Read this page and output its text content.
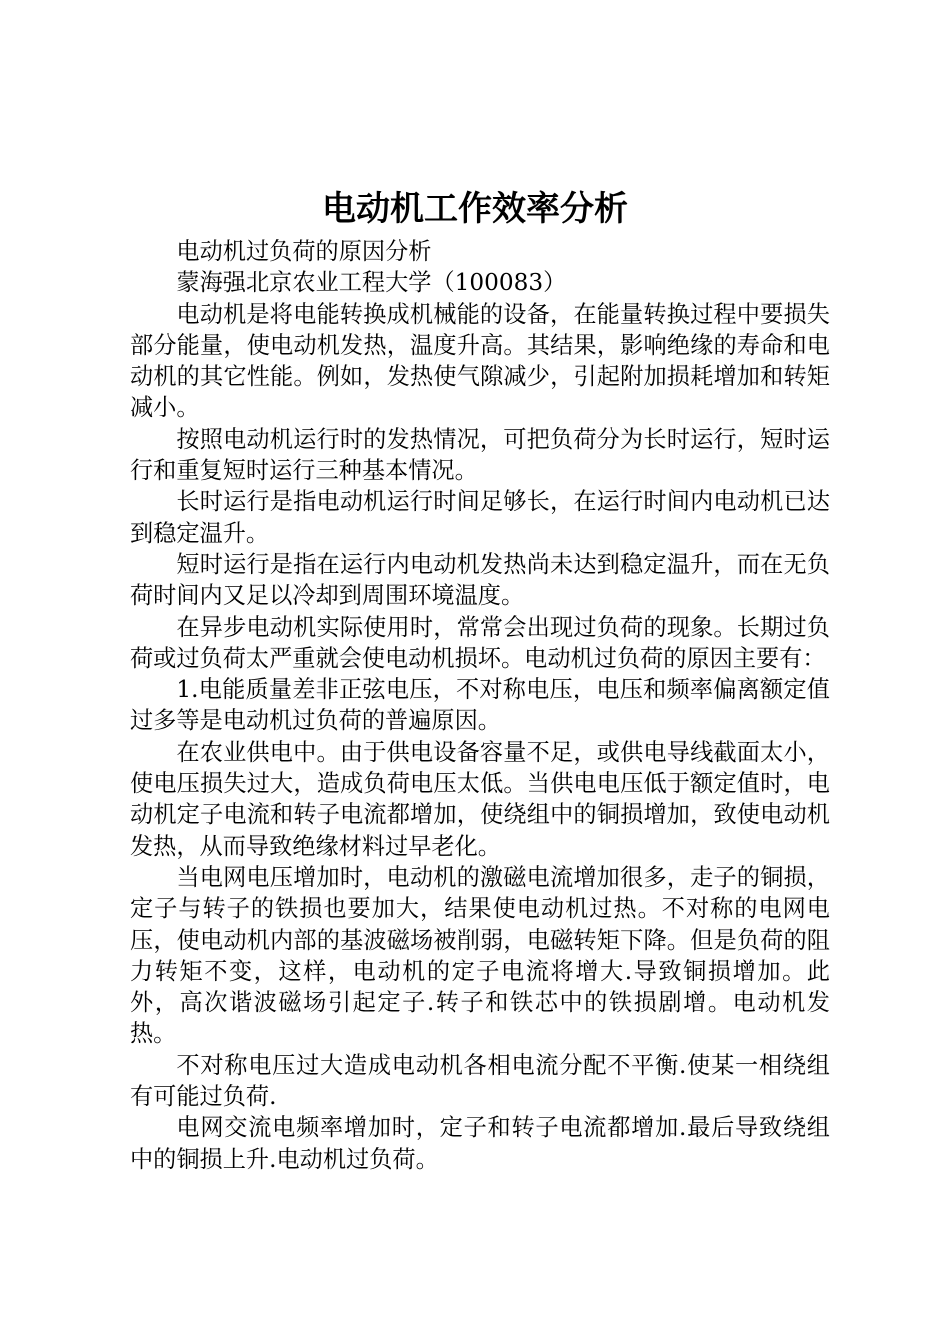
电动机工作效率分析

电动机过负荷的原因分析

蒙海强北京农业工程大学（100083）

电动机是将电能转换成机械能的设备，在能量转换过程中要损失部分能量，使电动机发热，温度升高。其结果，影响绝缘的寿命和电动机的其它性能。例如，发热使气隙减少，引起附加损耗增加和转矩减小。

按照电动机运行时的发热情况，可把负荷分为长时运行，短时运行和重复短时运行三种基本情况。

长时运行是指电动机运行时间足够长，在运行时间内电动机已达到稳定温升。

短时运行是指在运行内电动机发热尚未达到稳定温升，而在无负荷时间内又足以冷却到周围环境温度。

在异步电动机实际使用时，常常会出现过负荷的现象。长期过负荷或过负荷太严重就会使电动机损坏。电动机过负荷的原因主要有：

1.电能质量差非正弦电压，不对称电压，电压和频率偏离额定值过多等是电动机过负荷的普遍原因。

在农业供电中。由于供电设备容量不足，或供电导线截面太小，使电压损失过大，造成负荷电压太低。当供电电压低于额定值时，电动机定子电流和转子电流都增加，使绕组中的铜损增加，致使电动机发热，从而导致绝缘材料过早老化。

当电网电压增加时，电动机的激磁电流增加很多，走子的铜损，定子与转子的铁损也要加大，结果使电动机过热。不对称的电网电压，使电动机内部的基波磁场被削弱，电磁转矩下降。但是负荷的阻力转矩不变，这样，电动机的定子电流将增大.导致铜损增加。此外，高次谐波磁场引起定子.转子和铁芯中的铁损剧增。电动机发热。

不对称电压过大造成电动机各相电流分配不平衡.使某一相绕组有可能过负荷.

电网交流电频率增加时，定子和转子电流都增加.最后导致绕组中的铜损上升.电动机过负荷。
